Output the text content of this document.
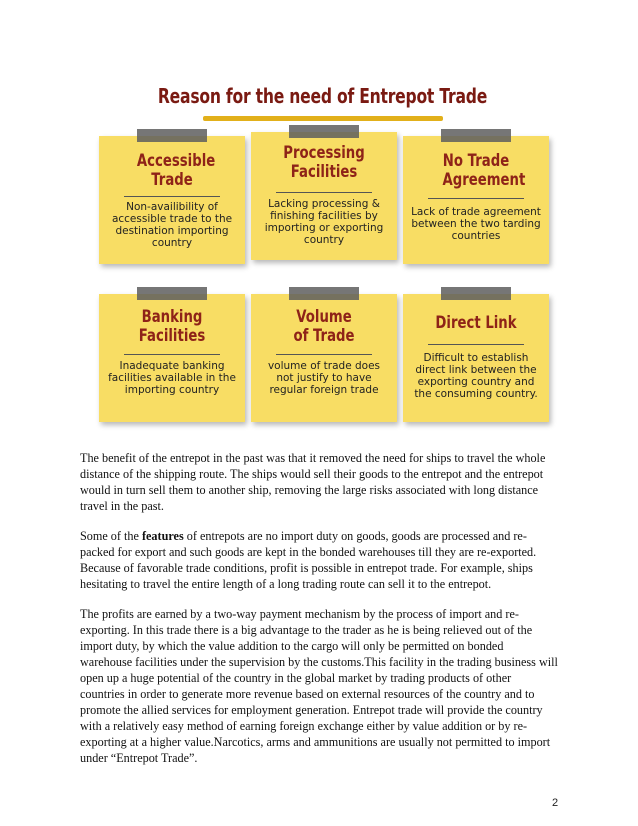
Reason for the need of Entrepot Trade
Accessible Trade
Non-availibility of accessible trade to the destination importing country
Processing Facilities
Lacking processing & finishing facilities by importing or exporting country
No Trade Agreement
Lack of trade agreement between the two tarding countries
Banking Facilities
Inadequate banking facilities available in the importing country
Volume of Trade
volume of trade does not justify to have regular foreign trade
Direct Link
Difficult to establish direct link between the exporting country and the consuming country.

The benefit of the entrepot in the past was that it removed the need for ships to travel the whole distance of the shipping route. The ships would sell their goods to the entrepot and the entrepot would in turn sell them to another ship, removing the large risks associated with long distance travel in the past.

Some of the features of entrepots are no import duty on goods, goods are processed and re-packed for export and such goods are kept in the bonded warehouses till they are re-exported. Because of favorable trade conditions, profit is possible in entrepot trade. For example, ships hesitating to travel the entire length of a long trading route can sell it to the entrepot.

The profits are earned by a two-way payment mechanism by the process of import and re-exporting. In this trade there is a big advantage to the trader as he is being relieved out of the import duty, by which the value addition to the cargo will only be permitted on bonded warehouse facilities under the supervision by the customs.This facility in the trading business will open up a huge potential of the country in the global market by trading products of other countries in order to generate more revenue based on external resources of the country and to promote the allied services for employment generation. Entrepot trade will provide the country with a relatively easy method of earning foreign exchange either by value addition or by re-exporting at a higher value.Narcotics, arms and ammunitions are usually not permitted to import under “Entrepot Trade”.

2
